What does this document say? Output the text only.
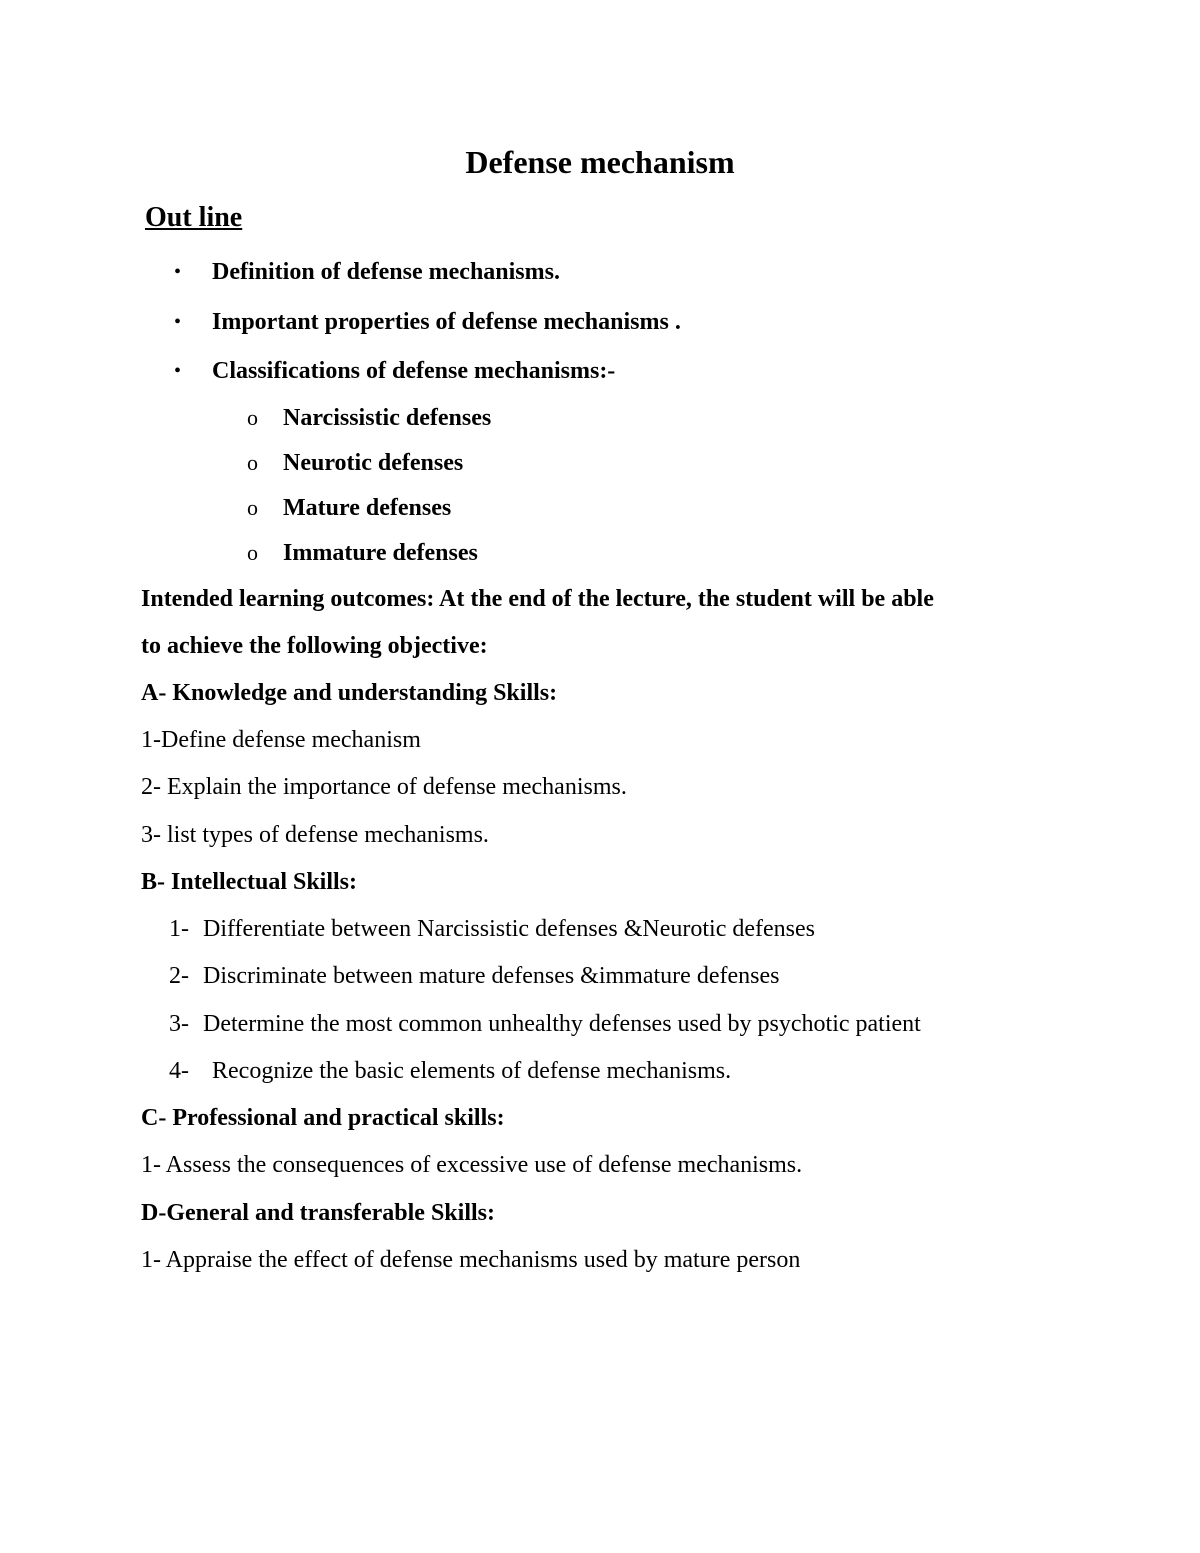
Defense mechanism
Out line
• Definition of defense mechanisms.
• Important properties of defense mechanisms .
• Classifications of defense mechanisms:-
o Narcissistic defenses
o Neurotic defenses
o Mature defenses
o Immature defenses
Intended learning outcomes: At the end of the lecture, the student will be able
to achieve the following objective:
A- Knowledge and understanding Skills:
1-Define defense mechanism
2- Explain the importance of defense mechanisms.
3- list types of defense mechanisms.
B- Intellectual Skills:
1- Differentiate between Narcissistic defenses &Neurotic defenses
2- Discriminate between mature defenses &immature defenses
3- Determine the most common unhealthy defenses used by psychotic patient
4- Recognize the basic elements of defense mechanisms.
C- Professional and practical skills:
1- Assess the consequences of excessive use of defense mechanisms.
D-General and transferable Skills:
1- Appraise the effect of defense mechanisms used by mature person
